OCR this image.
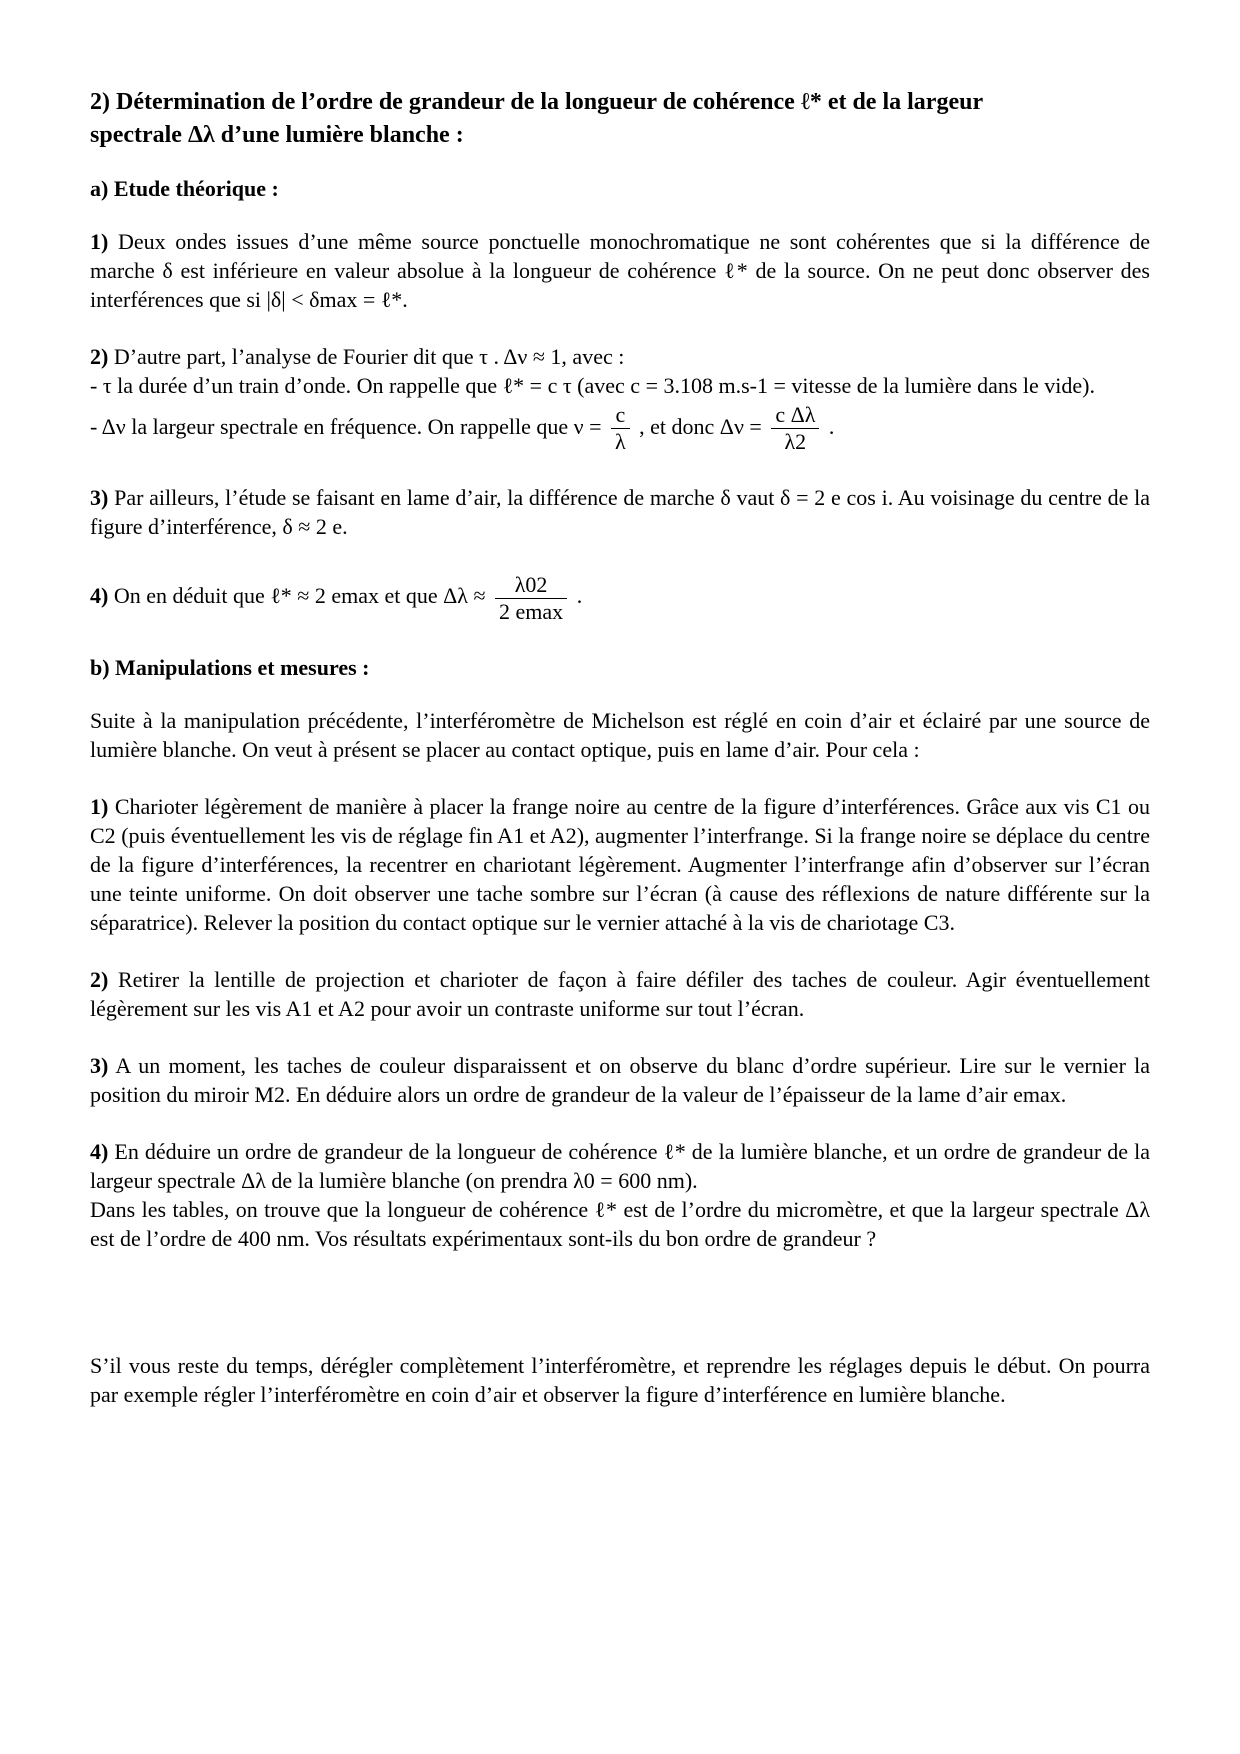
2) Détermination de l’ordre de grandeur de la longueur de cohérence ℓ* et de la largeur
spectrale Δλ d’une lumière blanche :

a) Etude théorique :

1) Deux ondes issues d’une même source ponctuelle monochromatique ne sont cohérentes que si la différence de marche δ est inférieure en valeur absolue à la longueur de cohérence ℓ* de la source. On ne peut donc observer des interférences que si |δ| < δmax = ℓ*.

2) D’autre part, l’analyse de Fourier dit que τ . Δν ≈ 1, avec :

- τ la durée d’un train d’onde. On rappelle que ℓ* = c τ (avec c = 3.108 m.s-1 = vitesse de la lumière dans le vide).

- Δν la largeur spectrale en fréquence. On rappelle que $\nu = \frac{c}{\lambda}$ , et donc $\Delta\nu = \frac{\text{c Δλ}}{\lambda 2}$ .

3) Par ailleurs, l’étude se faisant en lame d’air, la différence de marche δ vaut δ = 2 e cos i. Au voisinage du centre de la figure d’interférence, δ ≈ 2 e.

4) On en déduit que ℓ* ≈ 2 emax et que $\Delta\lambda \approx \frac{\lambda 02}{2 emax}$ .

b) Manipulations et mesures :

Suite à la manipulation précédente, l’interféromètre de Michelson est réglé en coin d’air et éclairé par une source de lumière blanche. On veut à présent se placer au contact optique, puis en lame d’air. Pour cela :

1) Charioter légèrement de manière à placer la frange noire au centre de la figure d’interférences. Grâce aux vis C1 ou C2 (puis éventuellement les vis de réglage fin A1 et A2), augmenter l’interfrange. Si la frange noire se déplace du centre de la figure d’interférences, la recentrer en chariotant légèrement. Augmenter l’interfrange afin d’observer sur l’écran une teinte uniforme. On doit observer une tache sombre sur l’écran (à cause des réflexions de nature différente sur la séparatrice). Relever la position du contact optique sur le vernier attaché à la vis de chariotage C3.

2) Retirer la lentille de projection et charioter de façon à faire défiler des taches de couleur. Agir éventuellement légèrement sur les vis A1 et A2 pour avoir un contraste uniforme sur tout l’écran.

3) A un moment, les taches de couleur disparaissent et on observe du blanc d’ordre supérieur. Lire sur le vernier la position du miroir M2. En déduire alors un ordre de grandeur de la valeur de l’épaisseur de la lame d’air emax.

4) En déduire un ordre de grandeur de la longueur de cohérence ℓ* de la lumière blanche, et un ordre de grandeur de la largeur spectrale Δλ de la lumière blanche (on prendra λ0 = 600 nm).

Dans les tables, on trouve que la longueur de cohérence ℓ* est de l’ordre du micromètre, et que la largeur spectrale Δλ est de l’ordre de 400 nm. Vos résultats expérimentaux sont-ils du bon ordre de grandeur ?

S’il vous reste du temps, dérégler complètement l’interféromètre, et reprendre les réglages depuis le début. On pourra par exemple régler l’interféromètre en coin d’air et observer la figure d’interférence en lumière blanche.
